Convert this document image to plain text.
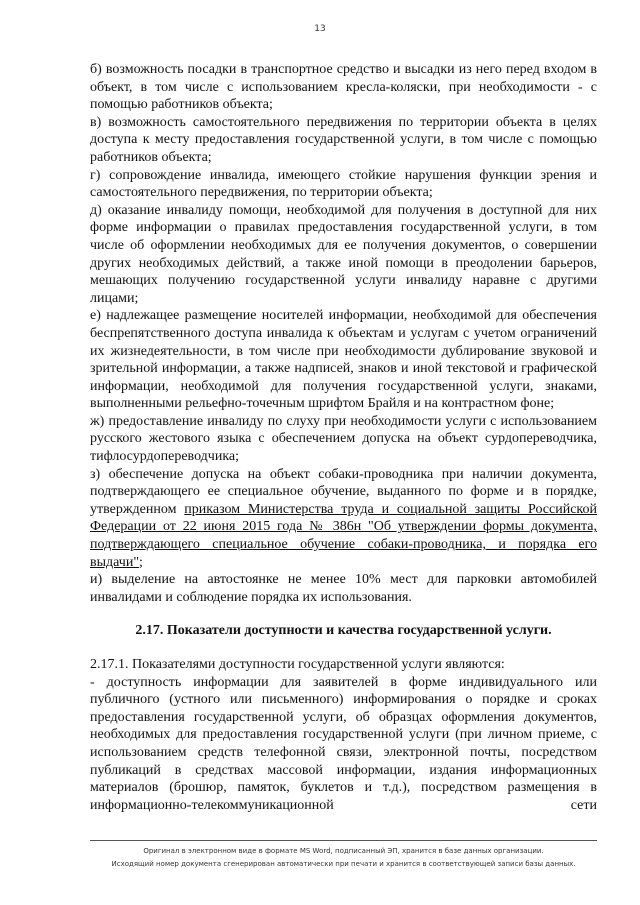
13

б) возможность посадки в транспортное средство и высадки из него перед входом в объект, в том числе с использованием кресла-коляски, при необходимости - с помощью работников объекта;

в) возможность самостоятельного передвижения по территории объекта в целях доступа к месту предоставления государственной услуги, в том числе с помощью работников объекта;

г) сопровождение инвалида, имеющего стойкие нарушения функции зрения и самостоятельного передвижения, по территории объекта;

д) оказание инвалиду помощи, необходимой для получения в доступной для них форме информации о правилах предоставления государственной услуги, в том числе об оформлении необходимых для ее получения документов, о совершении других необходимых действий, а также иной помощи в преодолении барьеров, мешающих получению государственной услуги инвалиду наравне с другими лицами;

е) надлежащее размещение носителей информации, необходимой для обеспечения беспрепятственного доступа инвалида к объектам и услугам с учетом ограничений их жизнедеятельности, в том числе при необходимости дублирование звуковой и зрительной информации, а также надписей, знаков и иной текстовой и графической информации, необходимой для получения государственной услуги, знаками, выполненными рельефно-точечным шрифтом Брайля и на контрастном фоне;

ж) предоставление инвалиду по слуху при необходимости услуги с использованием русского жестового языка с обеспечением допуска на объект сурдопереводчика, тифлосурдопереводчика;

з) обеспечение допуска на объект собаки-проводника при наличии документа, подтверждающего ее специальное обучение, выданного по форме и в порядке, утвержденном приказом Министерства труда и социальной защиты Российской Федерации от 22 июня 2015 года № 386н "Об утверждении формы документа, подтверждающего специальное обучение собаки-проводника, и порядка его выдачи";

и) выделение на автостоянке не менее 10% мест для парковки автомобилей инвалидами и соблюдение порядка их использования.

2.17. Показатели доступности и качества государственной услуги.

2.17.1. Показателями доступности государственной услуги являются:

- доступность информации для заявителей в форме индивидуального или публичного (устного или письменного) информирования о порядке и сроках предоставления государственной услуги, об образцах оформления документов, необходимых для предоставления государственной услуги (при личном приеме, с использованием средств телефонной связи, электронной почты, посредством публикаций в средствах массовой информации, издания информационных материалов (брошюр, памяток, буклетов и т.д.), посредством размещения в информационно-телекоммуникационной сети

Оригинал в электронном виде в формате MS Word, подписанный ЭП, хранится в базе данных организации.
Исходящий номер документа сгенерирован автоматически при печати и хранится в соответствующей записи базы данных.
